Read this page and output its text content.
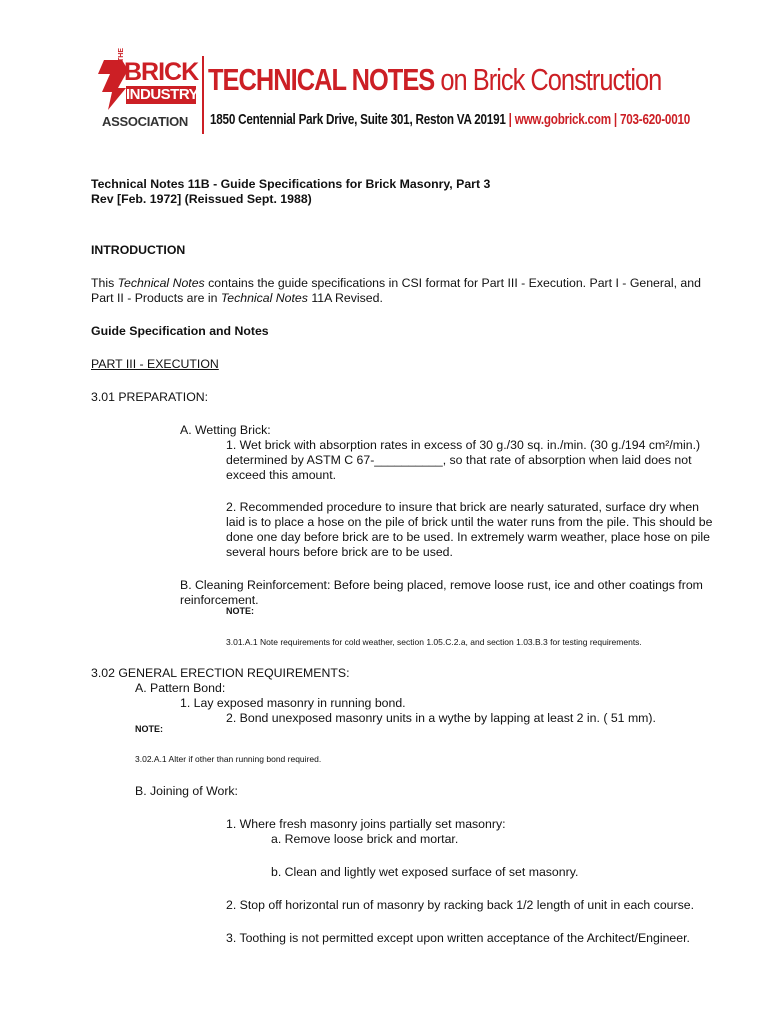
THE
BRICK
INDUSTRY
ASSOCIATION
TECHNICAL NOTES on Brick Construction
1850 Centennial Park Drive, Suite 301, Reston VA 20191 | www.gobrick.com | 703-620-0010
Technical Notes 11B - Guide Specifications for Brick Masonry, Part 3
Rev [Feb. 1972] (Reissued Sept. 1988)
INTRODUCTION
This Technical Notes contains the guide specifications in CSI format for Part III - Execution. Part I - General, and
Part II - Products are in Technical Notes 11A Revised.
Guide Specification and Notes
PART III - EXECUTION
3.01 PREPARATION:
A. Wetting Brick:
1. Wet brick with absorption rates in excess of 30 g./30 sq. in./min. (30 g./194 cm²/min.)
determined by ASTM C 67-__________, so that rate of absorption when laid does not
exceed this amount.
2. Recommended procedure to insure that brick are nearly saturated, surface dry when
laid is to place a hose on the pile of brick until the water runs from the pile. This should be
done one day before brick are to be used. In extremely warm weather, place hose on pile
several hours before brick are to be used.
B. Cleaning Reinforcement: Before being placed, remove loose rust, ice and other coatings from
reinforcement.
NOTE:
3.01.A.1 Note requirements for cold weather, section 1.05.C.2.a, and section 1.03.B.3 for testing requirements.
3.02 GENERAL ERECTION REQUIREMENTS:
A. Pattern Bond:
1. Lay exposed masonry in running bond.
2. Bond unexposed masonry units in a wythe by lapping at least 2 in. ( 51 mm).
NOTE:
3.02.A.1 Alter if other than running bond required.
B. Joining of Work:
1. Where fresh masonry joins partially set masonry:
a. Remove loose brick and mortar.
b. Clean and lightly wet exposed surface of set masonry.
2. Stop off horizontal run of masonry by racking back 1/2 length of unit in each course.
3. Toothing is not permitted except upon written acceptance of the Architect/Engineer.
